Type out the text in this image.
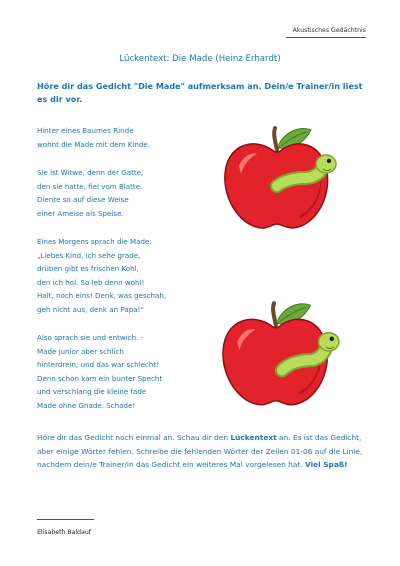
Akustisches Gedächtnis
Lückentext: Die Made (Heinz Erhardt)
Höre dir das Gedicht "Die Made" aufmerksam an. Dein/e Trainer/in liest es dir vor.
Hinter eines Baumes Rinde
wohnt die Made mit dem Kinde.
Sie ist Witwe, denn der Gatte,
den sie hatte, fiel vom Blatte.
Diente so auf diese Weise
einer Ameise als Speise.
Eines Morgens sprach die Made:
„Liebes Kind, ich sehe grade,
drüben gibt es frischen Kohl,
den ich hol. So leb denn wohl!
Halt, noch eins! Denk, was geschah,
geh nicht aus, denk an Papa!“
Also sprach sie und entwich. -
Made junior aber schlich
hinterdrein; und das war schlecht!
Denn schon kam ein bunter Specht
und verschlang die kleine fade
Made ohne Gnade. Schade!
Höre dir das Gedicht noch einmal an. Schau dir den Lückentext an. Es ist das Gedicht, aber einige Wörter fehlen. Schreibe die fehlenden Wörter der Zeilen 01-06 auf die Linie, nachdem dein/e Trainer/in das Gedicht ein weiteres Mal vorgelesen hat. Viel Spaß!
Elisabeth Baldauf
